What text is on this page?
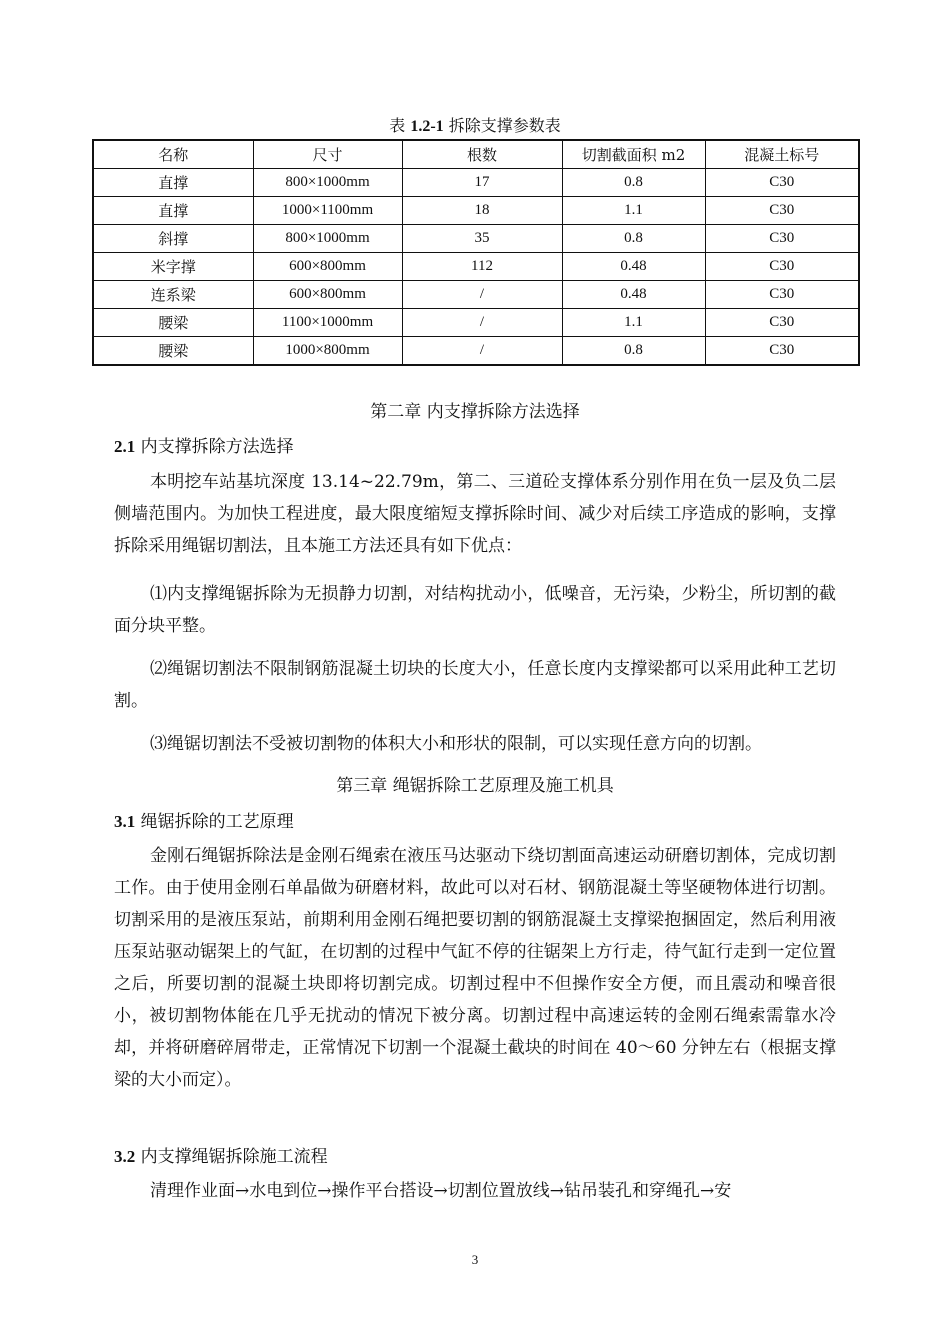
表 1.2-1 拆除支撑参数表
名称	尺寸	根数	切割截面积 m2	混凝土标号
直撑	800×1000mm	17	0.8	C30
直撑	1000×1100mm	18	1.1	C30
斜撑	800×1000mm	35	0.8	C30
米字撑	600×800mm	112	0.48	C30
连系梁	600×800mm	/	0.48	C30
腰梁	1100×1000mm	/	1.1	C30
腰梁	1000×800mm	/	0.8	C30
第二章 内支撑拆除方法选择
2.1 内支撑拆除方法选择

本明挖车站基坑深度 13.14~22.79m，第二、三道砼支撑体系分别作用在负一层及负二层侧墙范围内。为加快工程进度，最大限度缩短支撑拆除时间、减少对后续工序造成的影响，支撑拆除采用绳锯切割法，且本施工方法还具有如下优点：

⑴内支撑绳锯拆除为无损静力切割，对结构扰动小，低噪音，无污染，少粉尘，所切割的截面分块平整。

⑵绳锯切割法不限制钢筋混凝土切块的长度大小，任意长度内支撑梁都可以采用此种工艺切割。

⑶绳锯切割法不受被切割物的体积大小和形状的限制，可以实现任意方向的切割。

第三章 绳锯拆除工艺原理及施工机具
3.1 绳锯拆除的工艺原理

金刚石绳锯拆除法是金刚石绳索在液压马达驱动下绕切割面高速运动研磨切割体，完成切割工作。由于使用金刚石单晶做为研磨材料，故此可以对石材、钢筋混凝土等坚硬物体进行切割。切割采用的是液压泵站，前期利用金刚石绳把要切割的钢筋混凝土支撑梁抱捆固定，然后利用液压泵站驱动锯架上的气缸，在切割的过程中气缸不停的往锯架上方行走，待气缸行走到一定位置之后，所要切割的混凝土块即将切割完成。切割过程中不但操作安全方便，而且震动和噪音很小，被切割物体能在几乎无扰动的情况下被分离。切割过程中高速运转的金刚石绳索需靠水冷却，并将研磨碎屑带走，正常情况下切割一个混凝土截块的时间在 40～60 分钟左右（根据支撑梁的大小而定）。

3.2 内支撑绳锯拆除施工流程

清理作业面→水电到位→操作平台搭设→切割位置放线→钻吊装孔和穿绳孔→安

3
